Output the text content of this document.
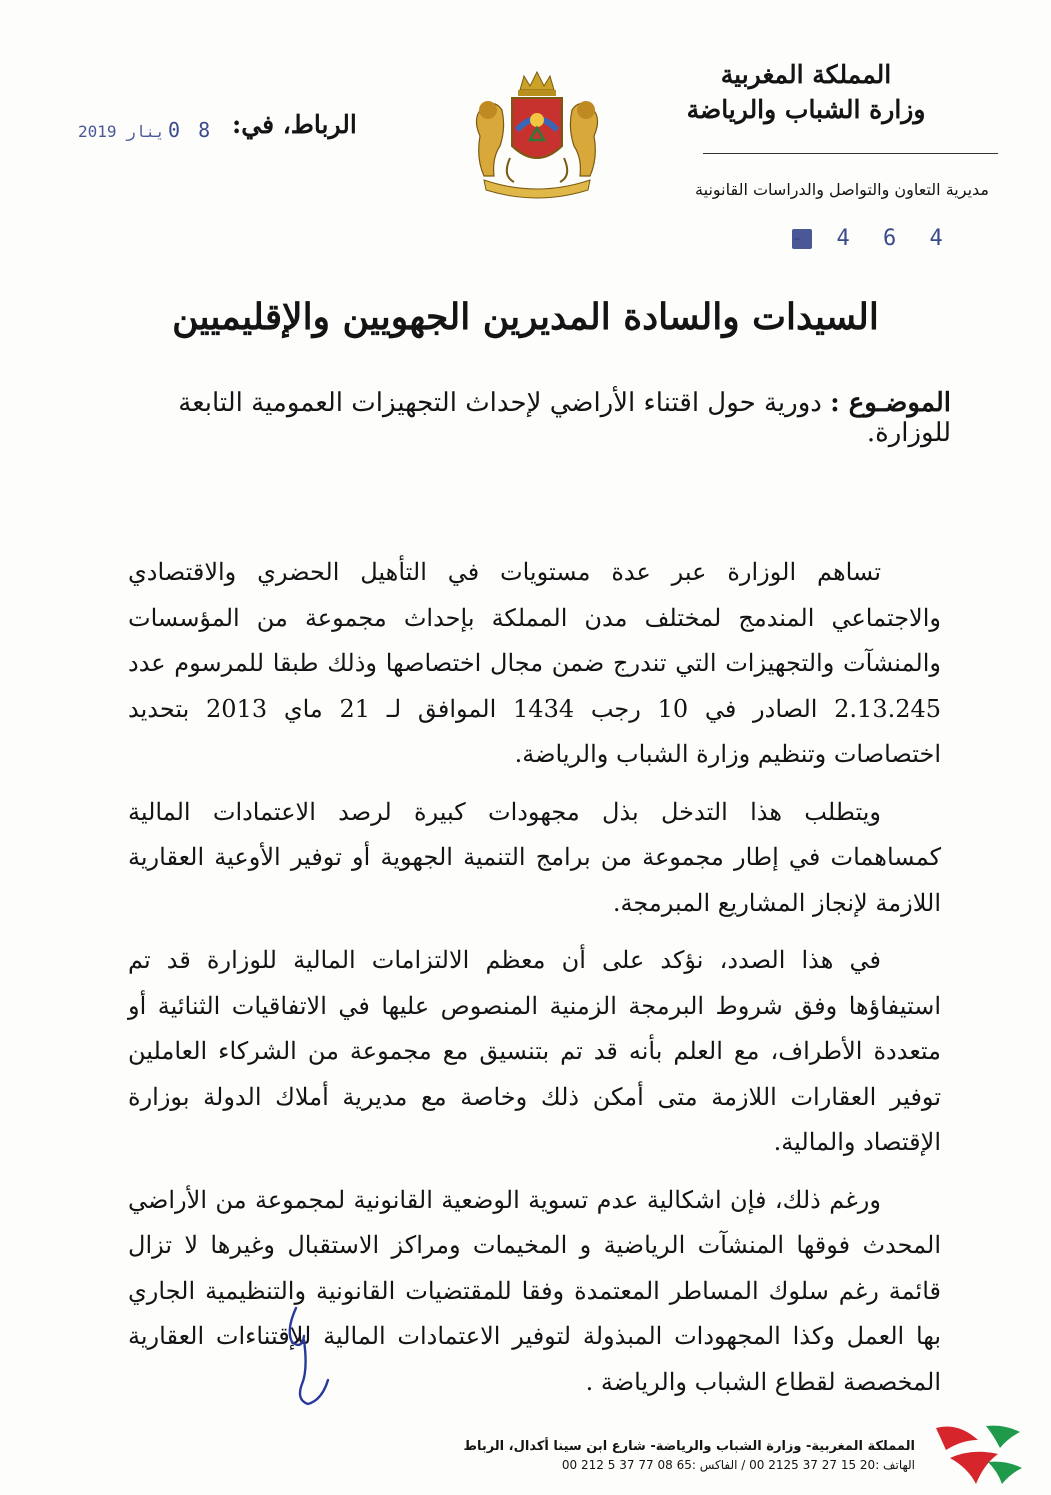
المملكة المغربية
وزارة الشباب والرياضة
مديرية التعاون والتواصل والدراسات القانونية
- 4 6 4
الرباط، في:
0 8
2019 ينار
السيدات والسادة المديرين الجهويين والإقليميين
الموضـوع : دورية حول اقتناء الأراضي لإحداث التجهيزات العمومية التابعة للوزارة.

تساهم الوزارة عبر عدة مستويات في التأهيل الحضري والاقتصادي والاجتماعي المندمج لمختلف مدن المملكة بإحداث مجموعة من المؤسسات والمنشآت والتجهيزات التي تندرج ضمن مجال اختصاصها وذلك طبقا للمرسوم عدد 2.13.245 الصادر في 10 رجب 1434 الموافق لـ 21 ماي 2013 بتحديد اختصاصات وتنظيم وزارة الشباب والرياضة.

ويتطلب هذا التدخل بذل مجهودات كبيرة لرصد الاعتمادات المالية كمساهمات في إطار مجموعة من برامج التنمية الجهوية أو توفير الأوعية العقارية اللازمة لإنجاز المشاريع المبرمجة.

في هذا الصدد، نؤكد على أن معظم الالتزامات المالية للوزارة قد تم استيفاؤها وفق شروط البرمجة الزمنية المنصوص عليها في الاتفاقيات الثنائية أو متعددة الأطراف، مع العلم بأنه قد تم بتنسيق مع مجموعة من الشركاء العاملين توفير العقارات اللازمة متى أمكن ذلك وخاصة مع مديرية أملاك الدولة بوزارة الإقتصاد والمالية.

ورغم ذلك، فإن اشكالية عدم تسوية الوضعية القانونية لمجموعة من الأراضي المحدث فوقها المنشآت الرياضية و المخيمات ومراكز الاستقبال وغيرها لا تزال قائمة رغم سلوك المساطر المعتمدة وفقا للمقتضيات القانونية والتنظيمية الجاري بها العمل وكذا المجهودات المبذولة لتوفير الاعتمادات المالية للإقتناءات العقارية المخصصة لقطاع الشباب والرياضة .

المملكة المغربية- وزارة الشباب والرياضة- شارع ابن سينا أكدال، الرباط
الهاتف :20 15 27 37 2125 00 / الفاكس :65 08 77 37 5 212 00
